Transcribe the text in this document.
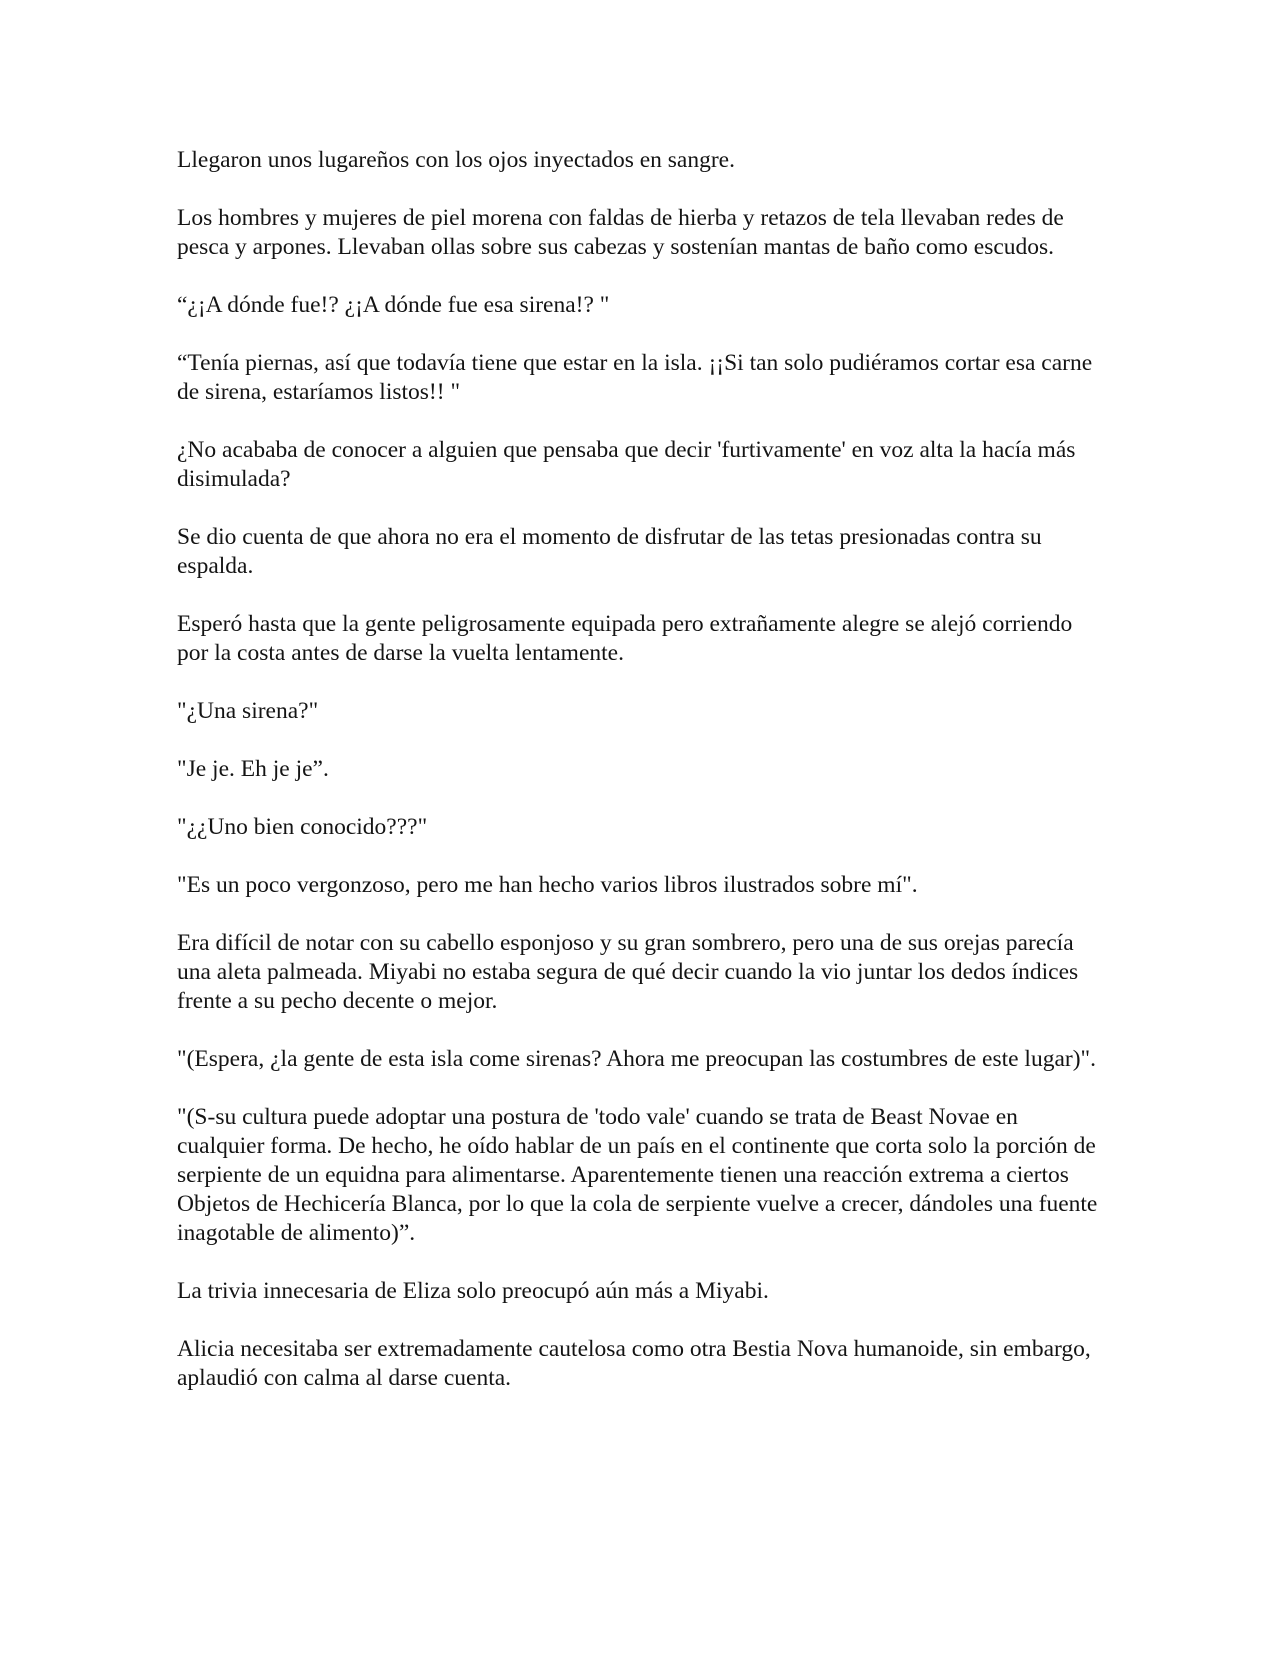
Llegaron unos lugareños con los ojos inyectados en sangre.

Los hombres y mujeres de piel morena con faldas de hierba y retazos de tela llevaban redes de pesca y arpones. Llevaban ollas sobre sus cabezas y sostenían mantas de baño como escudos.

“¿¡A dónde fue!? ¿¡A dónde fue esa sirena!? "

“Tenía piernas, así que todavía tiene que estar en la isla. ¡¡Si tan solo pudiéramos cortar esa carne de sirena, estaríamos listos!! "

¿No acababa de conocer a alguien que pensaba que decir 'furtivamente' en voz alta la hacía más disimulada?

Se dio cuenta de que ahora no era el momento de disfrutar de las tetas presionadas contra su espalda.

Esperó hasta que la gente peligrosamente equipada pero extrañamente alegre se alejó corriendo por la costa antes de darse la vuelta lentamente.

"¿Una sirena?"

"Je je. Eh je je”.

"¿¿Uno bien conocido???"

"Es un poco vergonzoso, pero me han hecho varios libros ilustrados sobre mí".

Era difícil de notar con su cabello esponjoso y su gran sombrero, pero una de sus orejas parecía una aleta palmeada. Miyabi no estaba segura de qué decir cuando la vio juntar los dedos índices frente a su pecho decente o mejor.

"(Espera, ¿la gente de esta isla come sirenas? Ahora me preocupan las costumbres de este lugar)".

"(S-su cultura puede adoptar una postura de 'todo vale' cuando se trata de Beast Novae en cualquier forma. De hecho, he oído hablar de un país en el continente que corta solo la porción de serpiente de un equidna para alimentarse. Aparentemente tienen una reacción extrema a ciertos Objetos de Hechicería Blanca, por lo que la cola de serpiente vuelve a crecer, dándoles una fuente inagotable de alimento)”.

La trivia innecesaria de Eliza solo preocupó aún más a Miyabi.

Alicia necesitaba ser extremadamente cautelosa como otra Bestia Nova humanoide, sin embargo, aplaudió con calma al darse cuenta.
